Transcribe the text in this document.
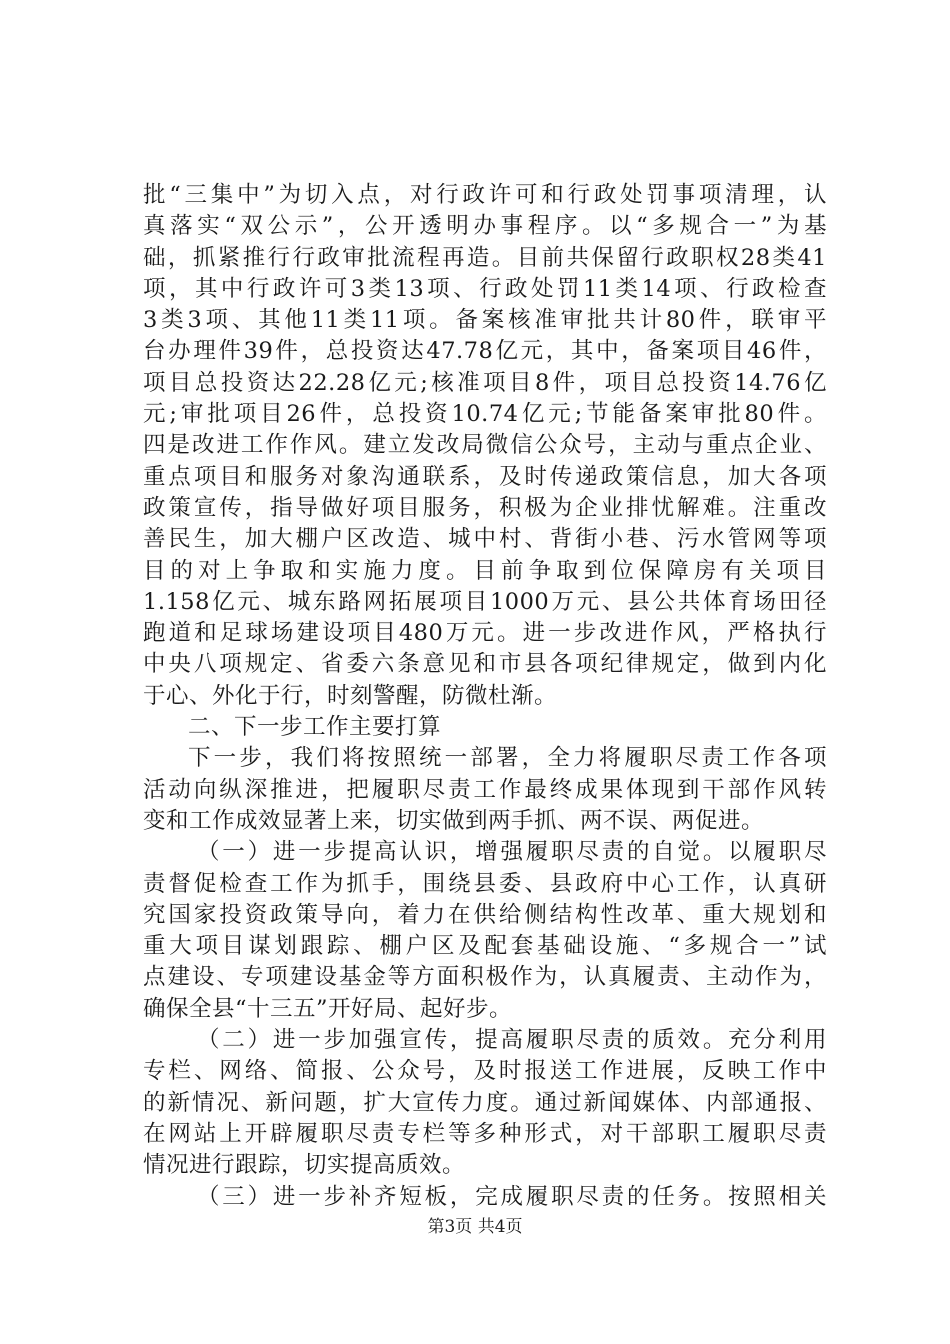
批“三集中”为切入点，对行政许可和行政处罚事项清理，认
真落实“双公示”，公开透明办事程序。以“多规合一”为基
础，抓紧推行行政审批流程再造。目前共保留行政职权28类41
项，其中行政许可3类13项、行政处罚11类14项、行政检查
3类3项、其他11类11项。备案核准审批共计80件，联审平
台办理件39件，总投资达47.78亿元，其中，备案项目46件，
项目总投资达22.28亿元;核准项目8件，项目总投资14.76亿
元;审批项目26件，总投资10.74亿元;节能备案审批80件。
四是改进工作作风。建立发改局微信公众号，主动与重点企业、
重点项目和服务对象沟通联系，及时传递政策信息，加大各项
政策宣传，指导做好项目服务，积极为企业排忧解难。注重改
善民生，加大棚户区改造、城中村、背街小巷、污水管网等项
目的对上争取和实施力度。目前争取到位保障房有关项目
1.158亿元、城东路网拓展项目1000万元、县公共体育场田径
跑道和足球场建设项目480万元。进一步改进作风，严格执行
中央八项规定、省委六条意见和市县各项纪律规定，做到内化
于心、外化于行，时刻警醒，防微杜渐。
二、下一步工作主要打算
下一步，我们将按照统一部署，全力将履职尽责工作各项
活动向纵深推进，把履职尽责工作最终成果体现到干部作风转
变和工作成效显著上来，切实做到两手抓、两不误、两促进。
（一）进一步提高认识，增强履职尽责的自觉。以履职尽
责督促检查工作为抓手，围绕县委、县政府中心工作，认真研
究国家投资政策导向，着力在供给侧结构性改革、重大规划和
重大项目谋划跟踪、棚户区及配套基础设施、“多规合一”试
点建设、专项建设基金等方面积极作为，认真履责、主动作为，
确保全县“十三五”开好局、起好步。
（二）进一步加强宣传，提高履职尽责的质效。充分利用
专栏、网络、简报、公众号，及时报送工作进展，反映工作中
的新情况、新问题，扩大宣传力度。通过新闻媒体、内部通报、
在网站上开辟履职尽责专栏等多种形式，对干部职工履职尽责
情况进行跟踪，切实提高质效。
（三）进一步补齐短板，完成履职尽责的任务。按照相关
第3页 共4页
